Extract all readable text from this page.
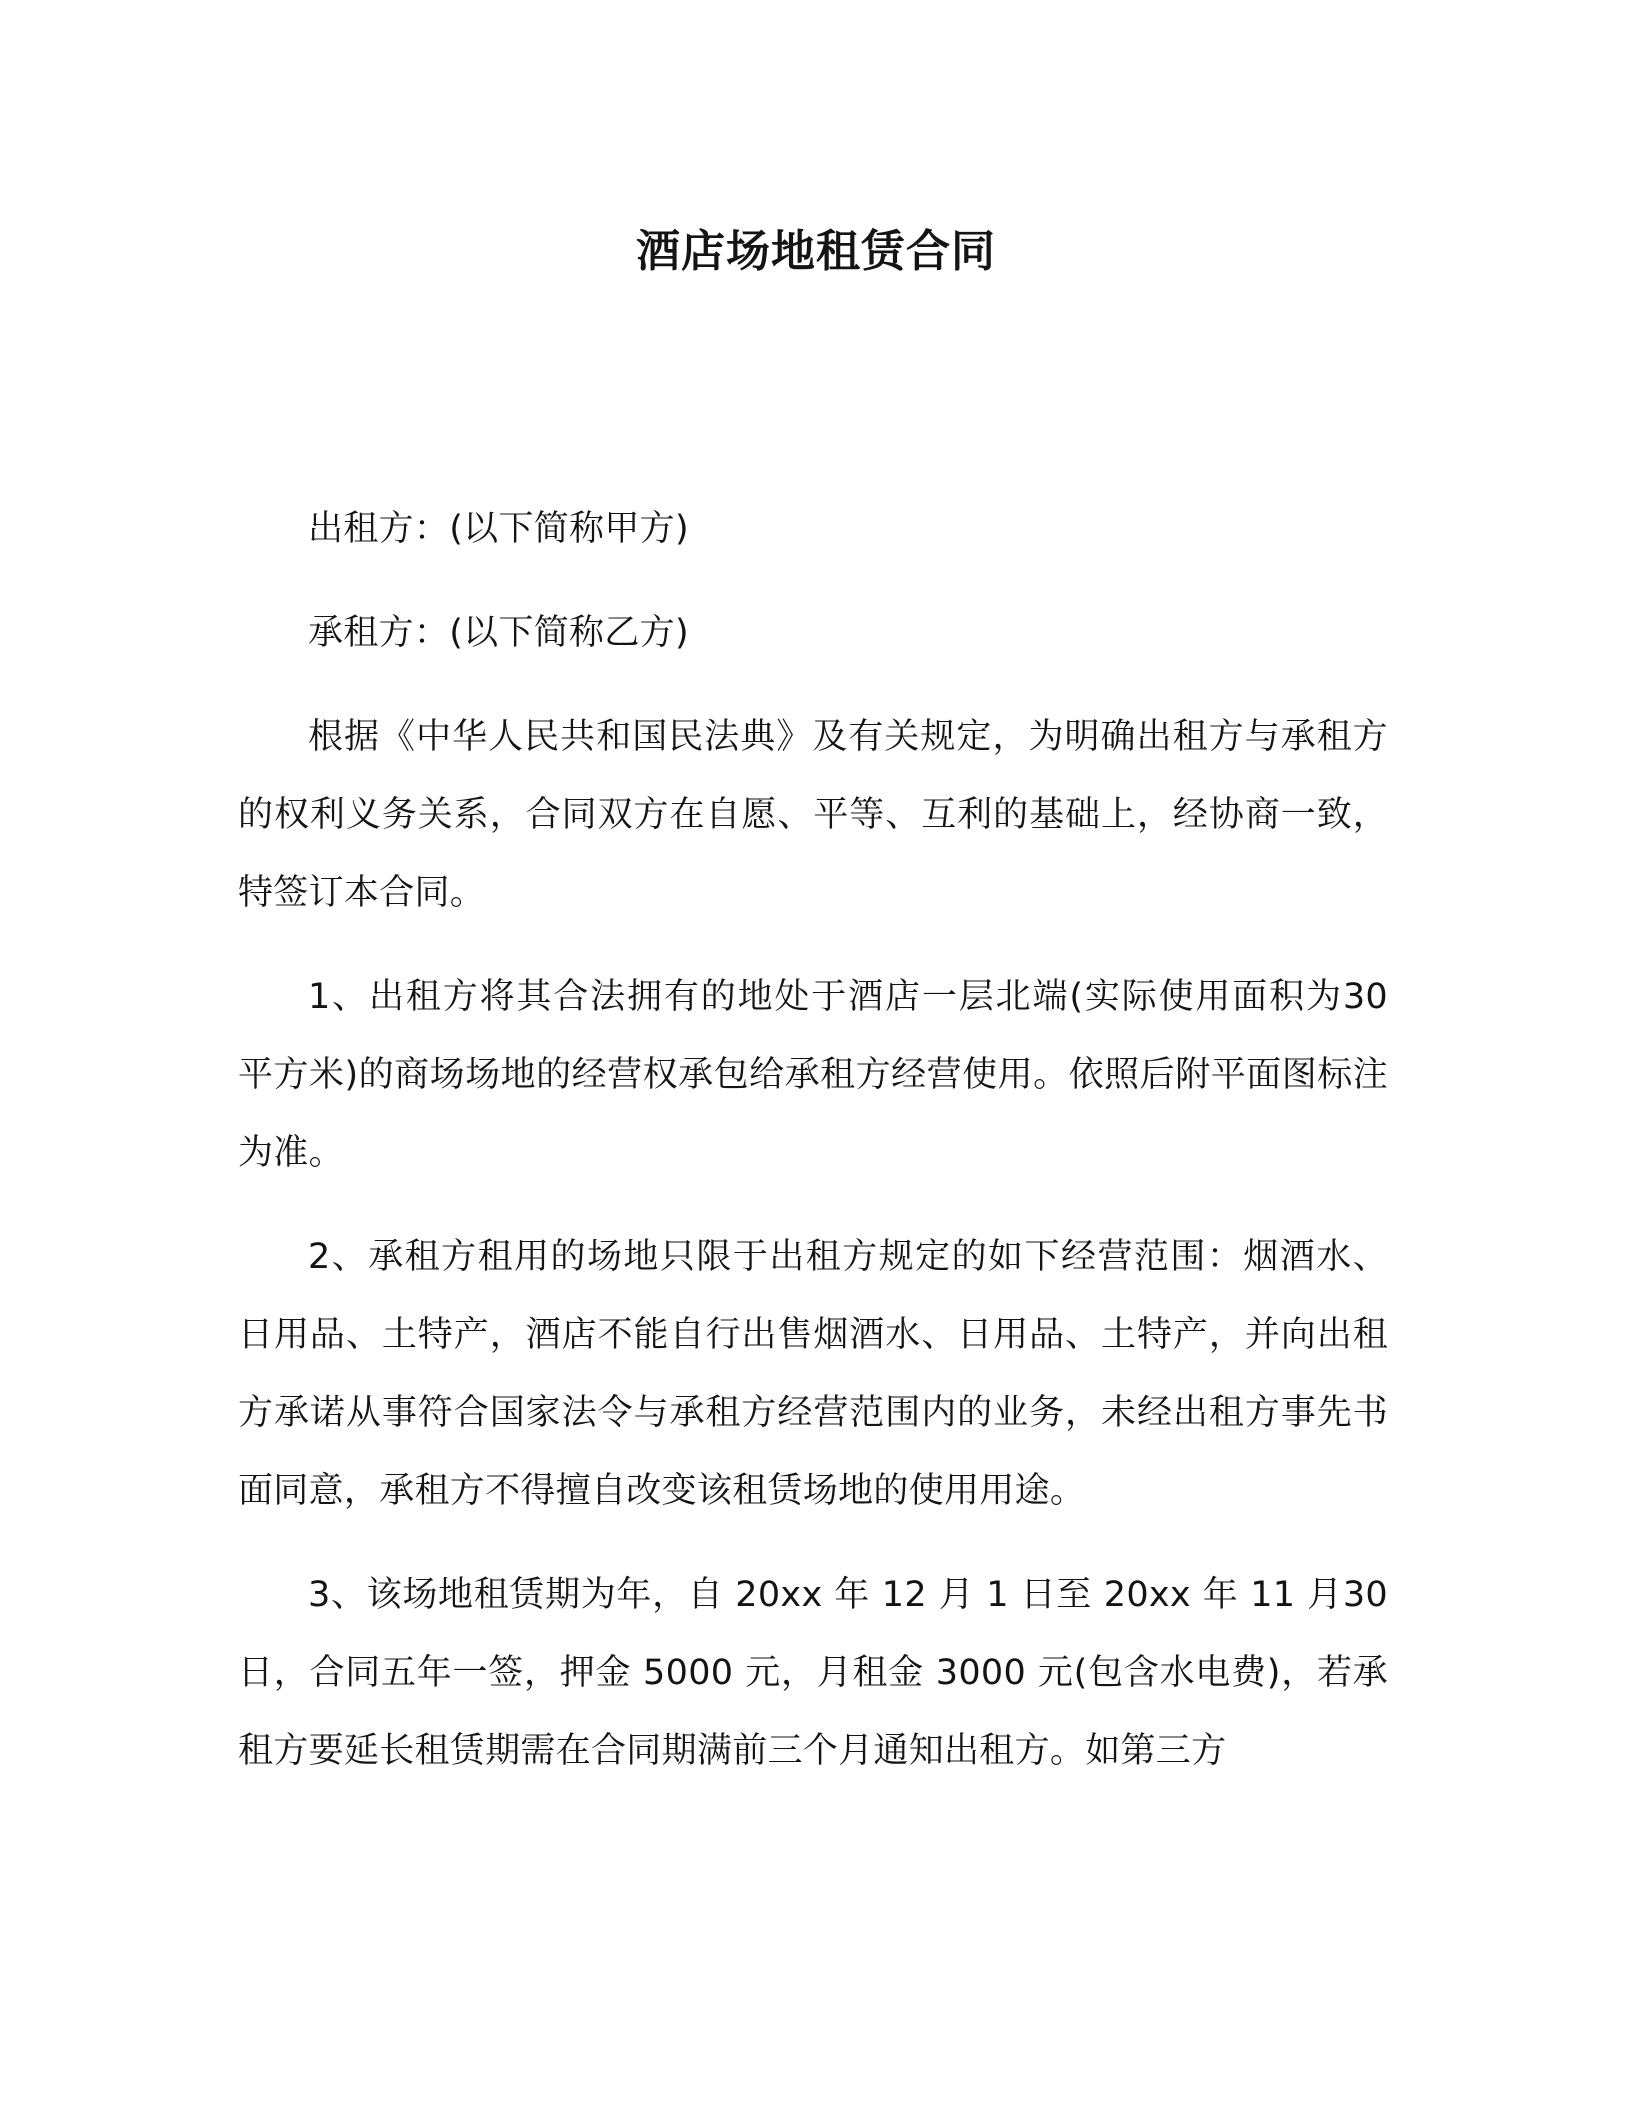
酒店场地租赁合同

出租方：(以下简称甲方)

承租方：(以下简称乙方)

根据《中华人民共和国民法典》及有关规定，为明确出租方与承租方的权利义务关系，合同双方在自愿、平等、互利的基础上，经协商一致，特签订本合同。

1、出租方将其合法拥有的地处于酒店一层北端(实际使用面积为30 平方米)的商场场地的经营权承包给承租方经营使用。依照后附平面图标注为准。

2、承租方租用的场地只限于出租方规定的如下经营范围：烟酒水、日用品、土特产，酒店不能自行出售烟酒水、日用品、土特产，并向出租方承诺从事符合国家法令与承租方经营范围内的业务，未经出租方事先书面同意，承租方不得擅自改变该租赁场地的使用用途。

3、该场地租赁期为年，自 20xx 年 12 月 1 日至 20xx 年 11 月30 日，合同五年一签，押金 5000 元，月租金 3000 元(包含水电费)，若承租方要延长租赁期需在合同期满前三个月通知出租方。如第三方
